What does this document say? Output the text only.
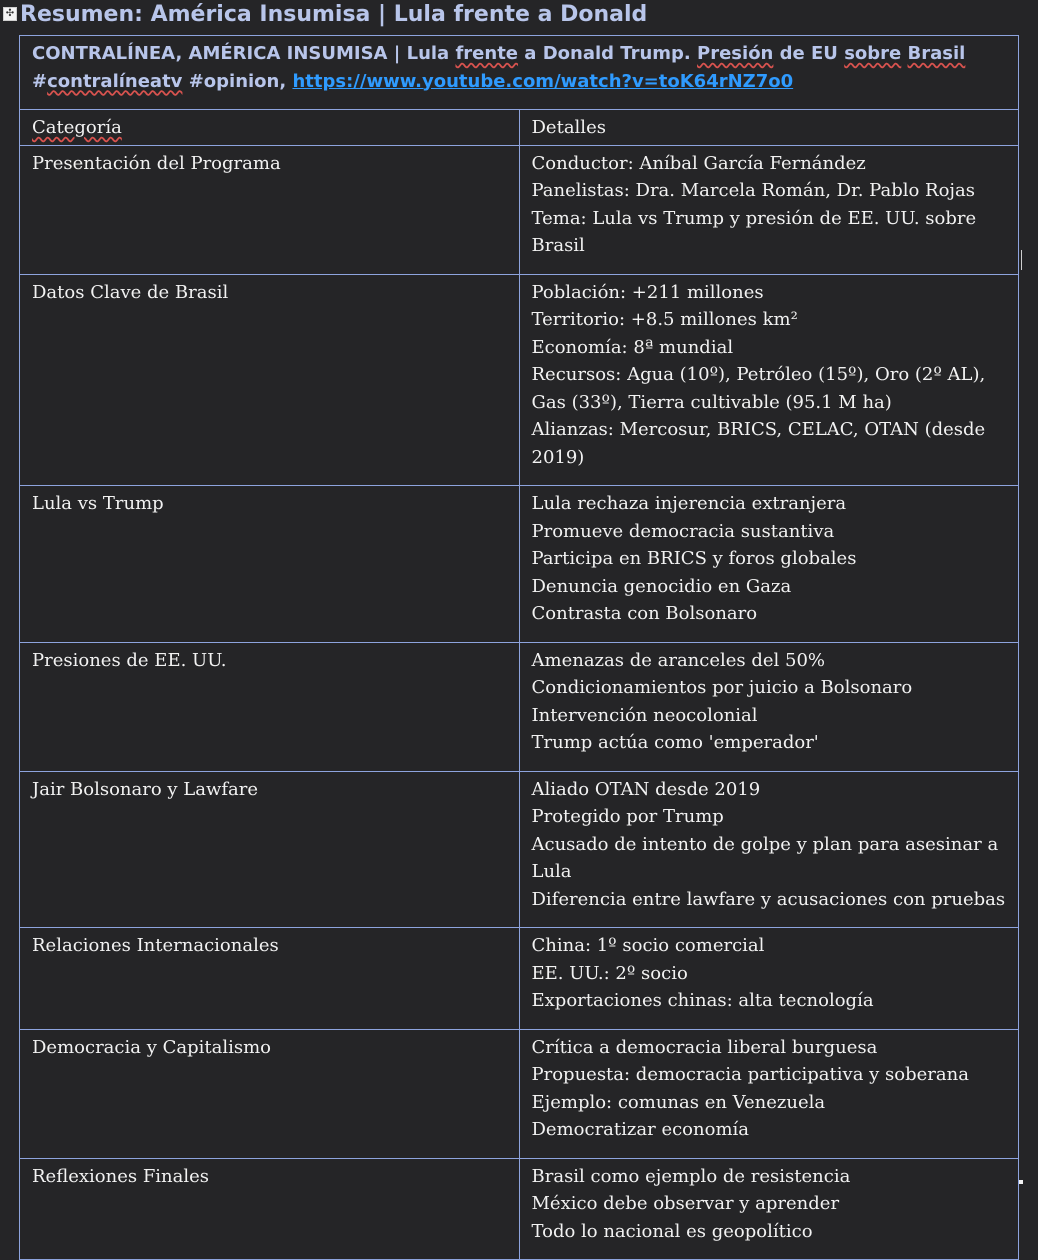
✣ Resumen: América Insumisa | Lula frente a Donald
CONTRALÍNEA, AMÉRICA INSUMISA | Lula frente a Donald Trump. Presión de EU sobre Brasil #contralíneatv #opinion, https://www.youtube.com/watch?v=toK64rNZ7o0	
Categoría	Detalles
Presentación del Programa	Conductor: Aníbal García Fernández
Panelistas: Dra. Marcela Román, Dr. Pablo Rojas
Tema: Lula vs Trump y presión de EE. UU. sobre Brasil

Datos Clave de Brasil	Población: +211 millones
Territorio: +8.5 millones km²
Economía: 8ª mundial
Recursos: Agua (10º), Petróleo (15º), Oro (2º AL), Gas (33º), Tierra cultivable (95.1 M ha)
Alianzas: Mercosur, BRICS, CELAC, OTAN (desde 2019)

Lula vs Trump	Lula rechaza injerencia extranjera
Promueve democracia sustantiva
Participa en BRICS y foros globales
Denuncia genocidio en Gaza
Contrasta con Bolsonaro

Presiones de EE. UU.	Amenazas de aranceles del 50%
Condicionamientos por juicio a Bolsonaro
Intervención neocolonial
Trump actúa como 'emperador'

Jair Bolsonaro y Lawfare	Aliado OTAN desde 2019
Protegido por Trump
Acusado de intento de golpe y plan para asesinar a Lula
Diferencia entre lawfare y acusaciones con pruebas

Relaciones Internacionales	China: 1º socio comercial
EE. UU.: 2º socio
Exportaciones chinas: alta tecnología

Democracia y Capitalismo	Crítica a democracia liberal burguesa
Propuesta: democracia participativa y soberana
Ejemplo: comunas en Venezuela
Democratizar economía

Reflexiones Finales	Brasil como ejemplo de resistencia
México debe observar y aprender
Todo lo nacional es geopolítico
